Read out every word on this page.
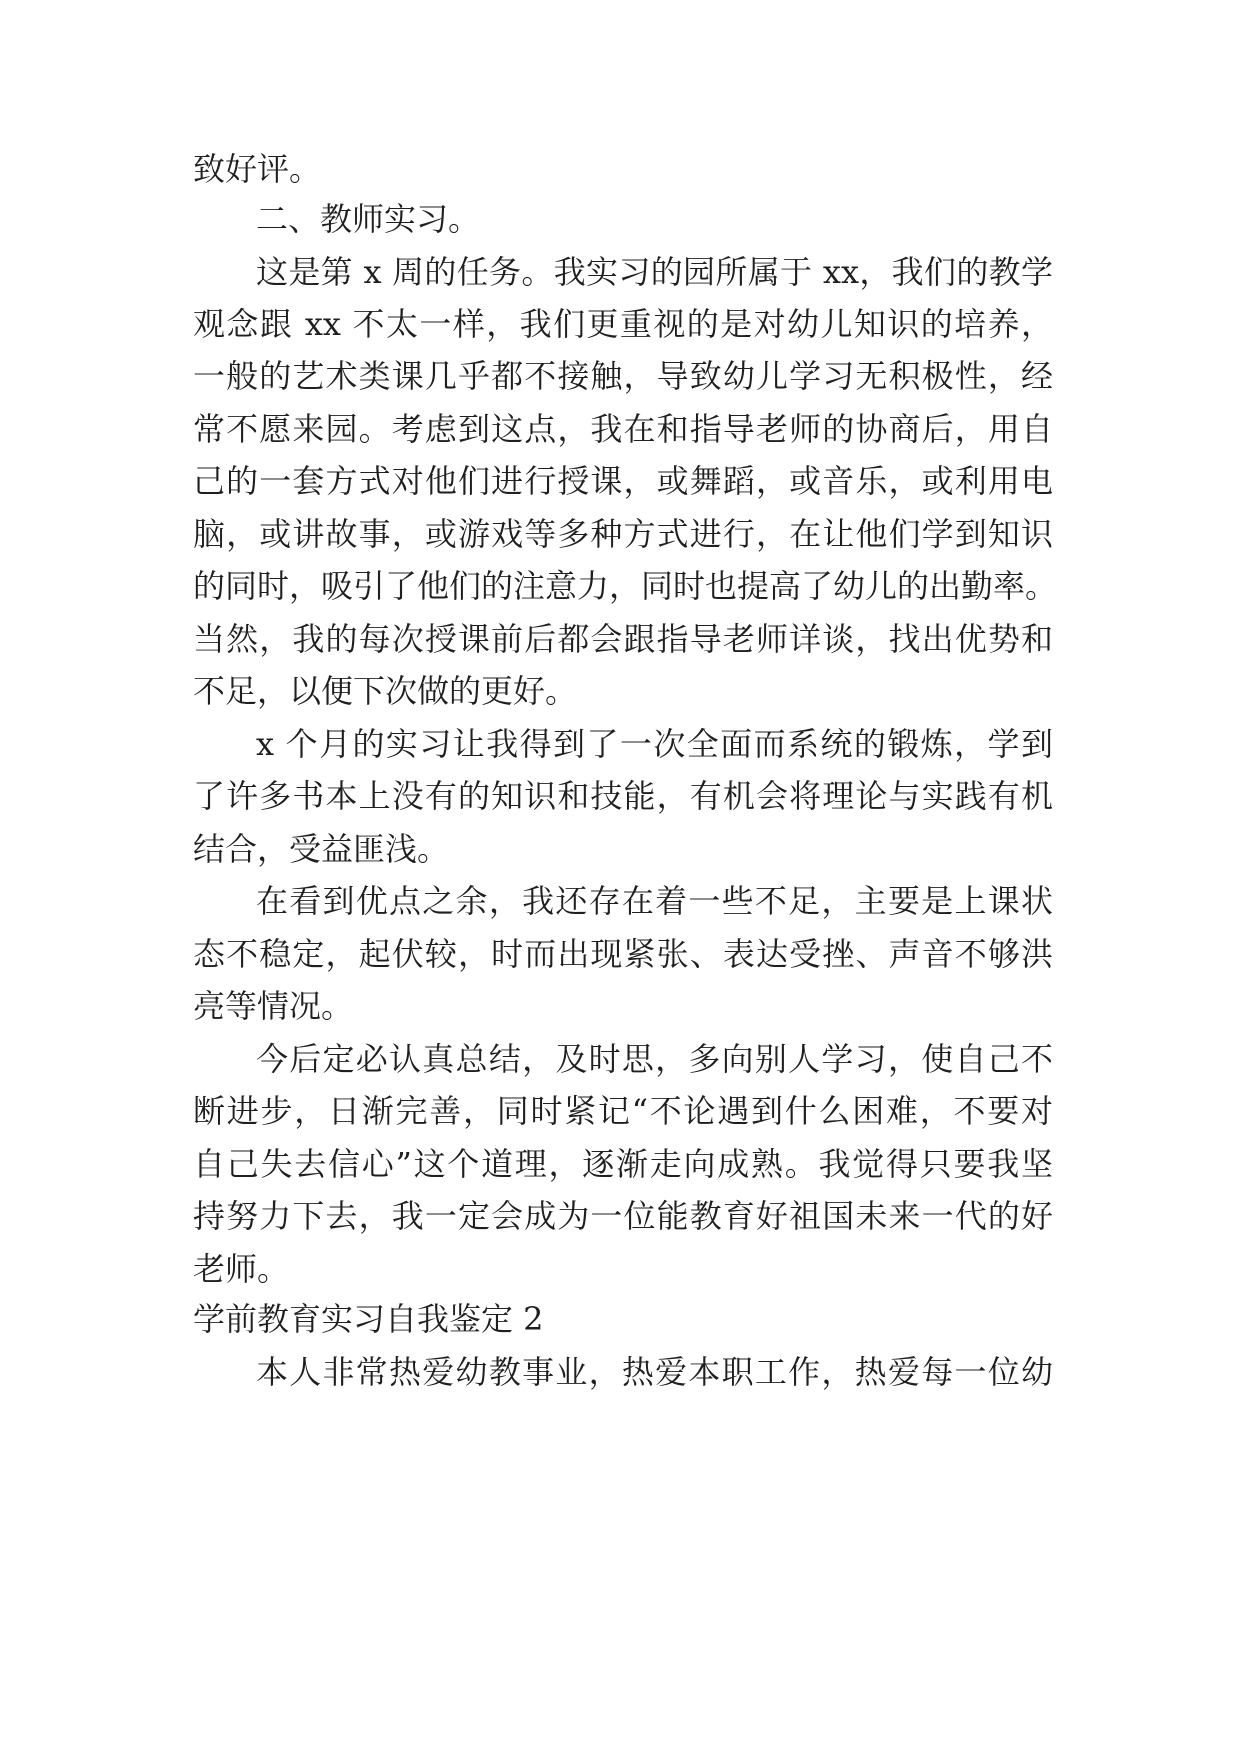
致好评。

二、教师实习。

这是第 x 周的任务。我实习的园所属于 xx，我们的教学

观念跟 xx 不太一样，我们更重视的是对幼儿知识的培养，

一般的艺术类课几乎都不接触，导致幼儿学习无积极性，经

常不愿来园。考虑到这点，我在和指导老师的协商后，用自

己的一套方式对他们进行授课，或舞蹈，或音乐，或利用电

脑，或讲故事，或游戏等多种方式进行，在让他们学到知识

的同时，吸引了他们的注意力，同时也提高了幼儿的出勤率。

当然，我的每次授课前后都会跟指导老师详谈，找出优势和

不足，以便下次做的更好。

x 个月的实习让我得到了一次全面而系统的锻炼，学到

了许多书本上没有的知识和技能，有机会将理论与实践有机

结合，受益匪浅。

在看到优点之余，我还存在着一些不足，主要是上课状

态不稳定，起伏较，时而出现紧张、表达受挫、声音不够洪

亮等情况。

今后定必认真总结，及时思，多向别人学习，使自己不

断进步，日渐完善，同时紧记“不论遇到什么困难，不要对

自己失去信心”这个道理，逐渐走向成熟。我觉得只要我坚

持努力下去，我一定会成为一位能教育好祖国未来一代的好

老师。

学前教育实习自我鉴定 2

本人非常热爱幼教事业，热爱本职工作，热爱每一位幼
